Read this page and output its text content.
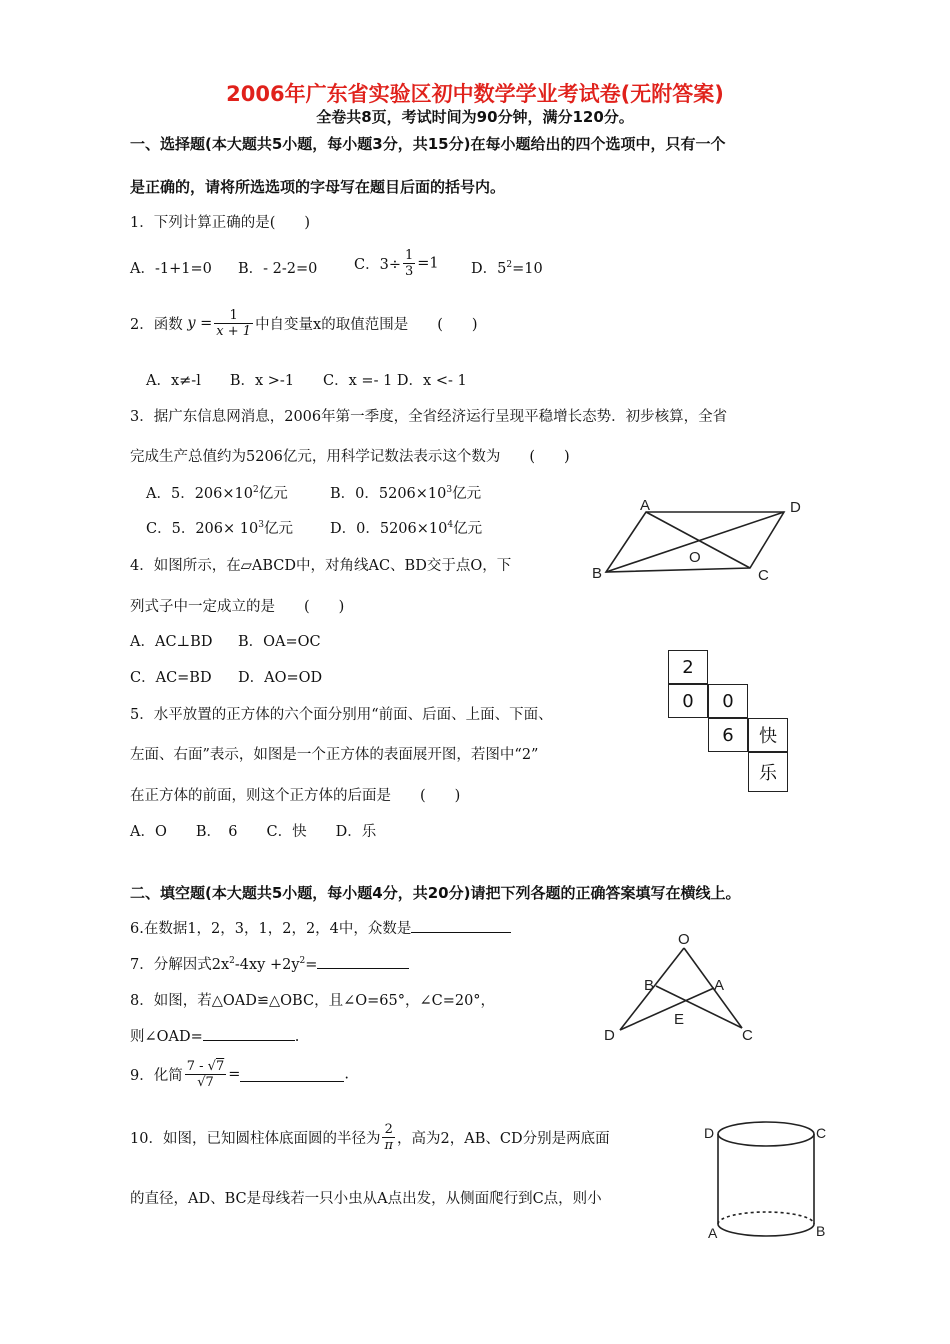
2006年广东省实验区初中数学学业考试卷(无附答案)
全卷共8页，考试时间为90分钟，满分120分。
一、选择题(本大题共5小题，每小题3分，共15分)在每小题给出的四个选项中，只有一个
是正确的，请将所选选项的字母写在题目后面的括号内。
1．下列计算正确的是(　　)
A．-1+1=0 B．- 2-2=0	C．$3\div \frac{1}{3} =1$ D．$5^2=10$
2．函数 $y = \frac{1}{x + 1}$ 中自变量x的取值范围是　　(　　)
A．x≠-l　　B．x >-1　　C．x =- 1 D．x <- 1
3．据广东信息网消息，2006年第一季度，全省经济运行呈现平稳增长态势．初步核算，全省
完成生产总值约为5206亿元，用科学记数法表示这个数为　　(　　)
A．5．$206\times 10^2$亿元	B．0．$5206\times 10^3$亿元
C．5．$206\times 10^3$亿元	D．0．$5206\times 10^4$亿元
A	D
B	C
O
4．如图所示，在▱ABCD中，对角线AC、BD交于点O，下
列式子中一定成立的是　　(　　)
A．AC⊥BD B．OA=OC
C．AC=BD D．AO=OD
2
0	0
6	快
乐
5．水平放置的正方体的六个面分别用“前面、后面、上面、下面、
左面、右面”表示，如图是一个正方体的表面展开图，若图中“2”
在正方体的前面，则这个正方体的后面是　　(　　)
A．O　　B．　6　　C．快　　D．乐
二、填空题(本大题共5小题，每小题4分，共20分)请把下列各题的正确答案填写在横线上。
6.在数据1，2，3，1，2，2，4中，众数是
7．分解因式$2x^2-4xy +2y^2=$
O
B	A
E
D	C
8．如图，若△OAD≌△OBC，且∠O=65°，∠C=20°，
则∠OAD=	.
9．化简 $\frac{7 - √7}{√7}$ =	.
10．如图，已知圆柱体底面圆的半径为 $\frac{2}{\pi}$ ，高为2，AB、CD分别是两底面
的直径，AD、BC是母线若一只小虫从A点出发，从侧面爬行到C点，则小
D	C
A	B
